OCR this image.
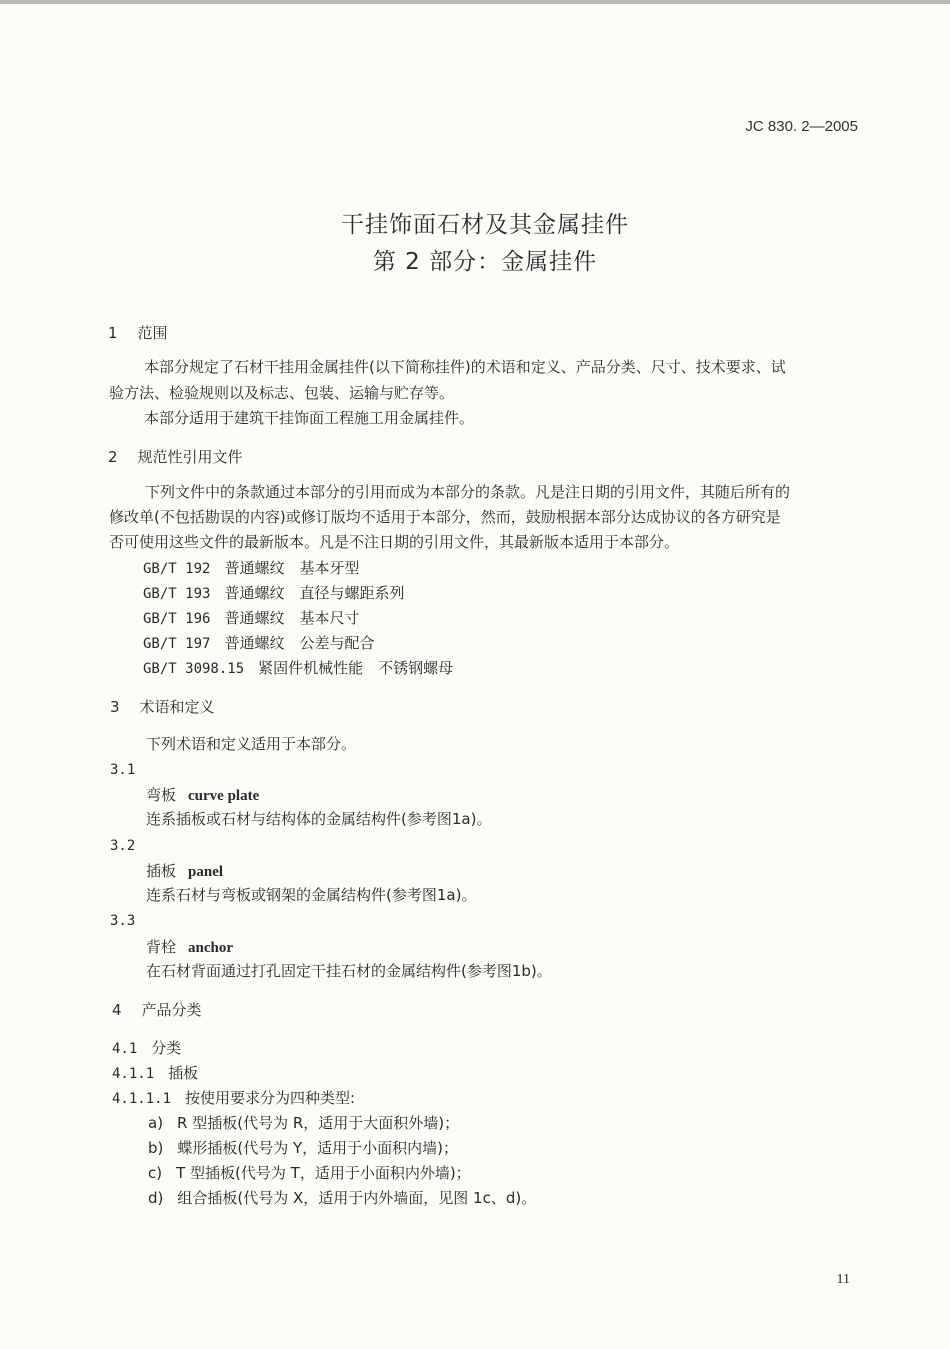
JC 830. 2—2005
干挂饰面石材及其金属挂件
第 2 部分：金属挂件
1 范围
本部分规定了石材干挂用金属挂件(以下简称挂件)的术语和定义、产品分类、尺寸、技术要求、试
验方法、检验规则以及标志、包装、运输与贮存等。
本部分适用于建筑干挂饰面工程施工用金属挂件。
2 规范性引用文件
下列文件中的条款通过本部分的引用而成为本部分的条款。凡是注日期的引用文件，其随后所有的
修改单(不包括勘误的内容)或修订版均不适用于本部分，然而，鼓励根据本部分达成协议的各方研究是
否可使用这些文件的最新版本。凡是不注日期的引用文件，其最新版本适用于本部分。
GB/T 192 普通螺纹　基本牙型
GB/T 193 普通螺纹　直径与螺距系列
GB/T 196 普通螺纹　基本尺寸
GB/T 197 普通螺纹　公差与配合
GB/T 3098.15 紧固件机械性能　不锈钢螺母
3 术语和定义
下列术语和定义适用于本部分。
3.1
弯板 curve plate
连系插板或石材与结构体的金属结构件(参考图1a)。
3.2
插板 panel
连系石材与弯板或钢架的金属结构件(参考图1a)。
3.3
背栓 anchor
在石材背面通过打孔固定干挂石材的金属结构件(参考图1b)。
4 产品分类
4.1 分类
4.1.1 插板
4.1.1.1 按使用要求分为四种类型:
a) R 型插板(代号为 R，适用于大面积外墙)；
b) 蝶形插板(代号为 Y，适用于小面积内墙)；
c) T 型插板(代号为 T，适用于小面积内外墙)；
d) 组合插板(代号为 X，适用于内外墙面，见图 1c、d)。
11
